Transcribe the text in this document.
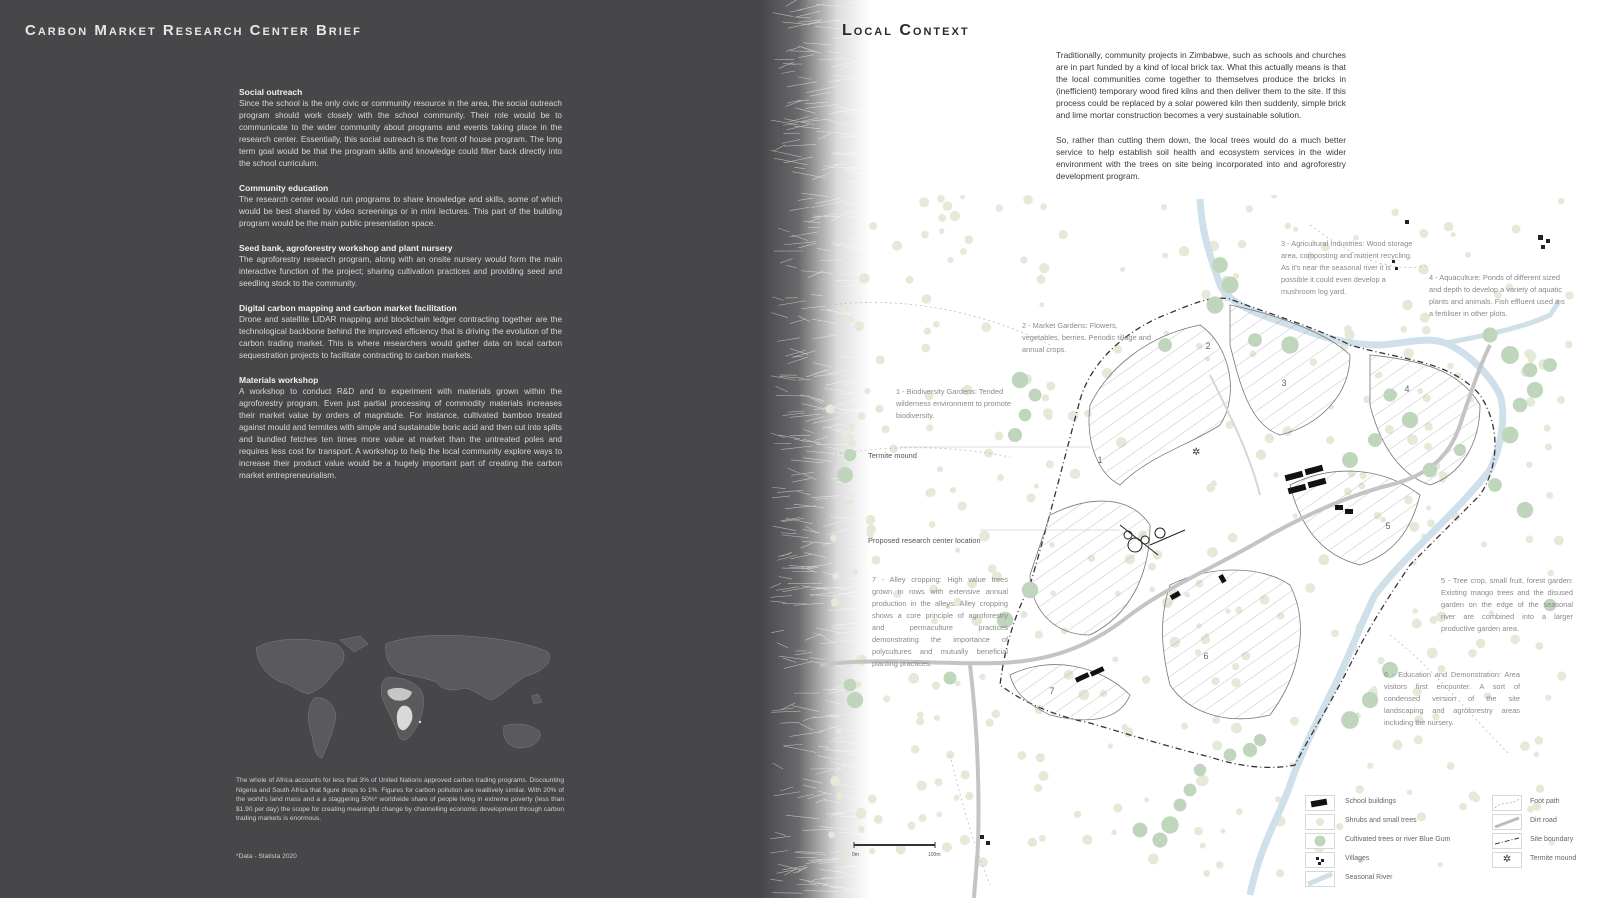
Carbon Market Research Center Brief
Social outreach

Since the school is the only civic or community resource in the area, the social outreach program should work closely with the school community. Their role would be to communicate to the wider community about programs and events taking place in the research center. Essentially, this social outreach is the front of house program. The long term goal would be that the program skills and knowledge could filter back directly into the school curriculum.

Community education

The research center would run programs to share knowledge and skills, some of which would be best shared by video screenings or in mini lectures. This part of the building program would be the main public presentation space.

Seed bank, agroforestry workshop and plant nursery

The agroforestry research program, along with an onsite nursery would form the main interactive function of the project; sharing cultivation practices and providing seed and seedling stock to the community.

Digital carbon mapping and carbon market facilitation

Drone and satellite LIDAR mapping and blockchain ledger contracting together are the technological backbone behind the improved efficiency that is driving the evolution of the carbon trading market. This is where researchers would gather data on local carbon sequestration projects to facilitate contracting to carbon markets.

Materials workshop

A workshop to conduct R&D and to experiment with materials grown within the agroforestry program. Even just partial processing of commodity materials increases their market value by orders of magnitude. For instance, cultivated bamboo treated against mould and termites with simple and sustainable boric acid and then cut into splits and bundled fetches ten times more value at market than the untreated poles and requires less cost for transport. A workshop to help the local community explore ways to increase their product value would be a hugely important part of creating the carbon market entrepreneurialism.

The whole of Africa accounts for less that 3% of United Nations approved carbon trading programs. Discounting Nigeria and South Africa that figure drops to 1%. Figures for carbon pollution are realitively similar. With 20% of the world's land mass and a a staggering 50%* worldwide share of people living in extreme poverty (less than $1.90 per day) the scope for creating meaningful change by channelling economic development through carbon trading markets is enormous.
*Data - Statista 2020
Local Context

Traditionally, community projects in Zimbabwe, such as schools and churches are in part funded by a kind of local brick tax. What this actually means is that the local communities come together to themselves produce the bricks in (inefficient) temporary wood fired kilns and then deliver them to the site. If this process could be replaced by a solar powered kiln then suddenly, simple brick and lime mortar construction becomes a very sustainable solution.

So, rather than cutting them down, the local trees would do a much better service to help establish soil health and ecosystem services in the wider environment with the trees on site being incorporated into and agroforestry development program.

1
2
3
4
5
6
7
✲
0m	100m
3 - Agricultural Industries: Wood storage area, composting and nutrient recycling. As it's near the seasonal river it is possible it could even develop a mushroom log yard.
4 - Aquaculture: Ponds of different sized and depth to develop a variety of aquatic plants and animals. Fish effluent used a s a fertiliser in other plots.
2 - Market Gardens: Flowers, vegetables, berries. Periodic tillage and annual crops.
1 - Biodiversity Gardens: Tended wilderness environment to promote biodiversity.
Termite mound
Proposed research center location
7 - Alley cropping: High value trees grown in rows with extensive annual production in the alleys. Alley cropping shows a core principle of agroforestry and permaculture practices demonstrating the importance of polycultures and mutually beneficial planting practices.
5 - Tree crop, small fruit, forest garden: Existing mango trees and the disused garden on the edge of the seasonal river are combined into a larger productive garden area.
6 - Education and Demonstration: Area visitors first encounter. A sort of condensed version of the site landscaping and agroforestry areas including the nursery.
School buildings
Shrubs and small trees
Cultivated trees or river Blue Gum
Villages
Seasonal River
Foot path
Dirt road
Site boundary
✲	Termite mound
